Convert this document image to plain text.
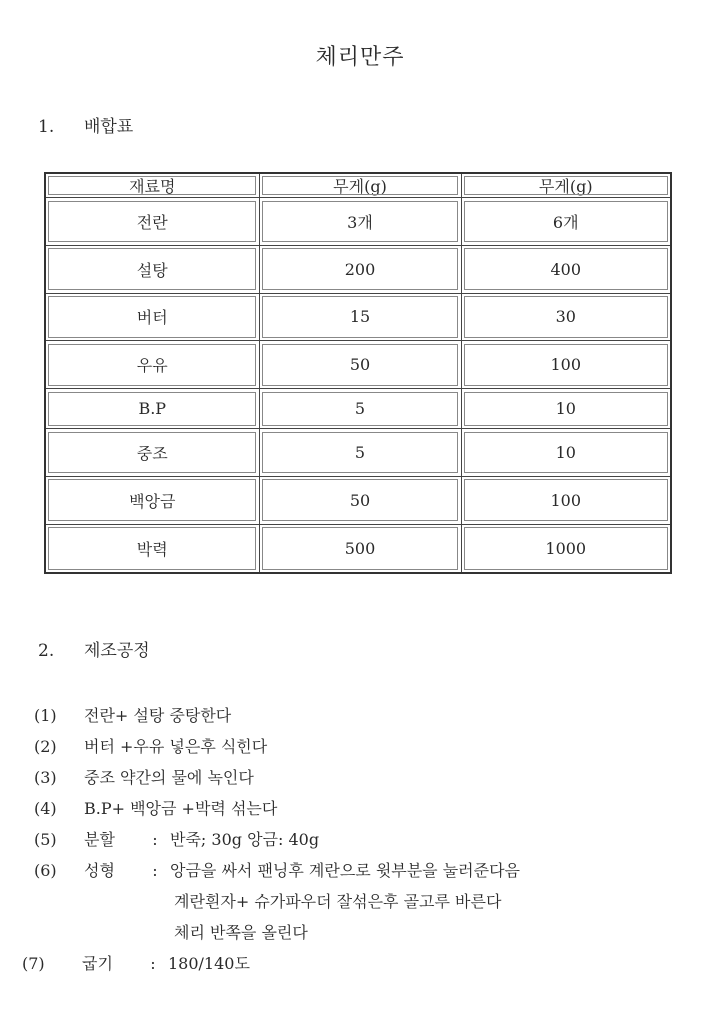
체리만주
1. 배합표
재료명	무게(g)	무게(g)
전란	3개	6개
설탕	200	400
버터	15	30
우유	50	100
B.P	5	10
중조	5	10
백앙금	50	100
박력	500	1000
2. 제조공정
(1) 전란+ 설탕 중탕한다
(2) 버터 +우유 넣은후 식힌다
(3) 중조 약간의 물에 녹인다
(4) B.P+ 백앙금 +박력 섞는다
(5) 분할 : 반죽; 30g 앙금: 40g
(6) 성형 : 앙금을 싸서 팬닝후 계란으로 윗부분을 눌러준다음
계란흰자+ 슈가파우더 잘섞은후 골고루 바른다
체리 반쪽을 올린다
(7) 굽기 : 180/140도
